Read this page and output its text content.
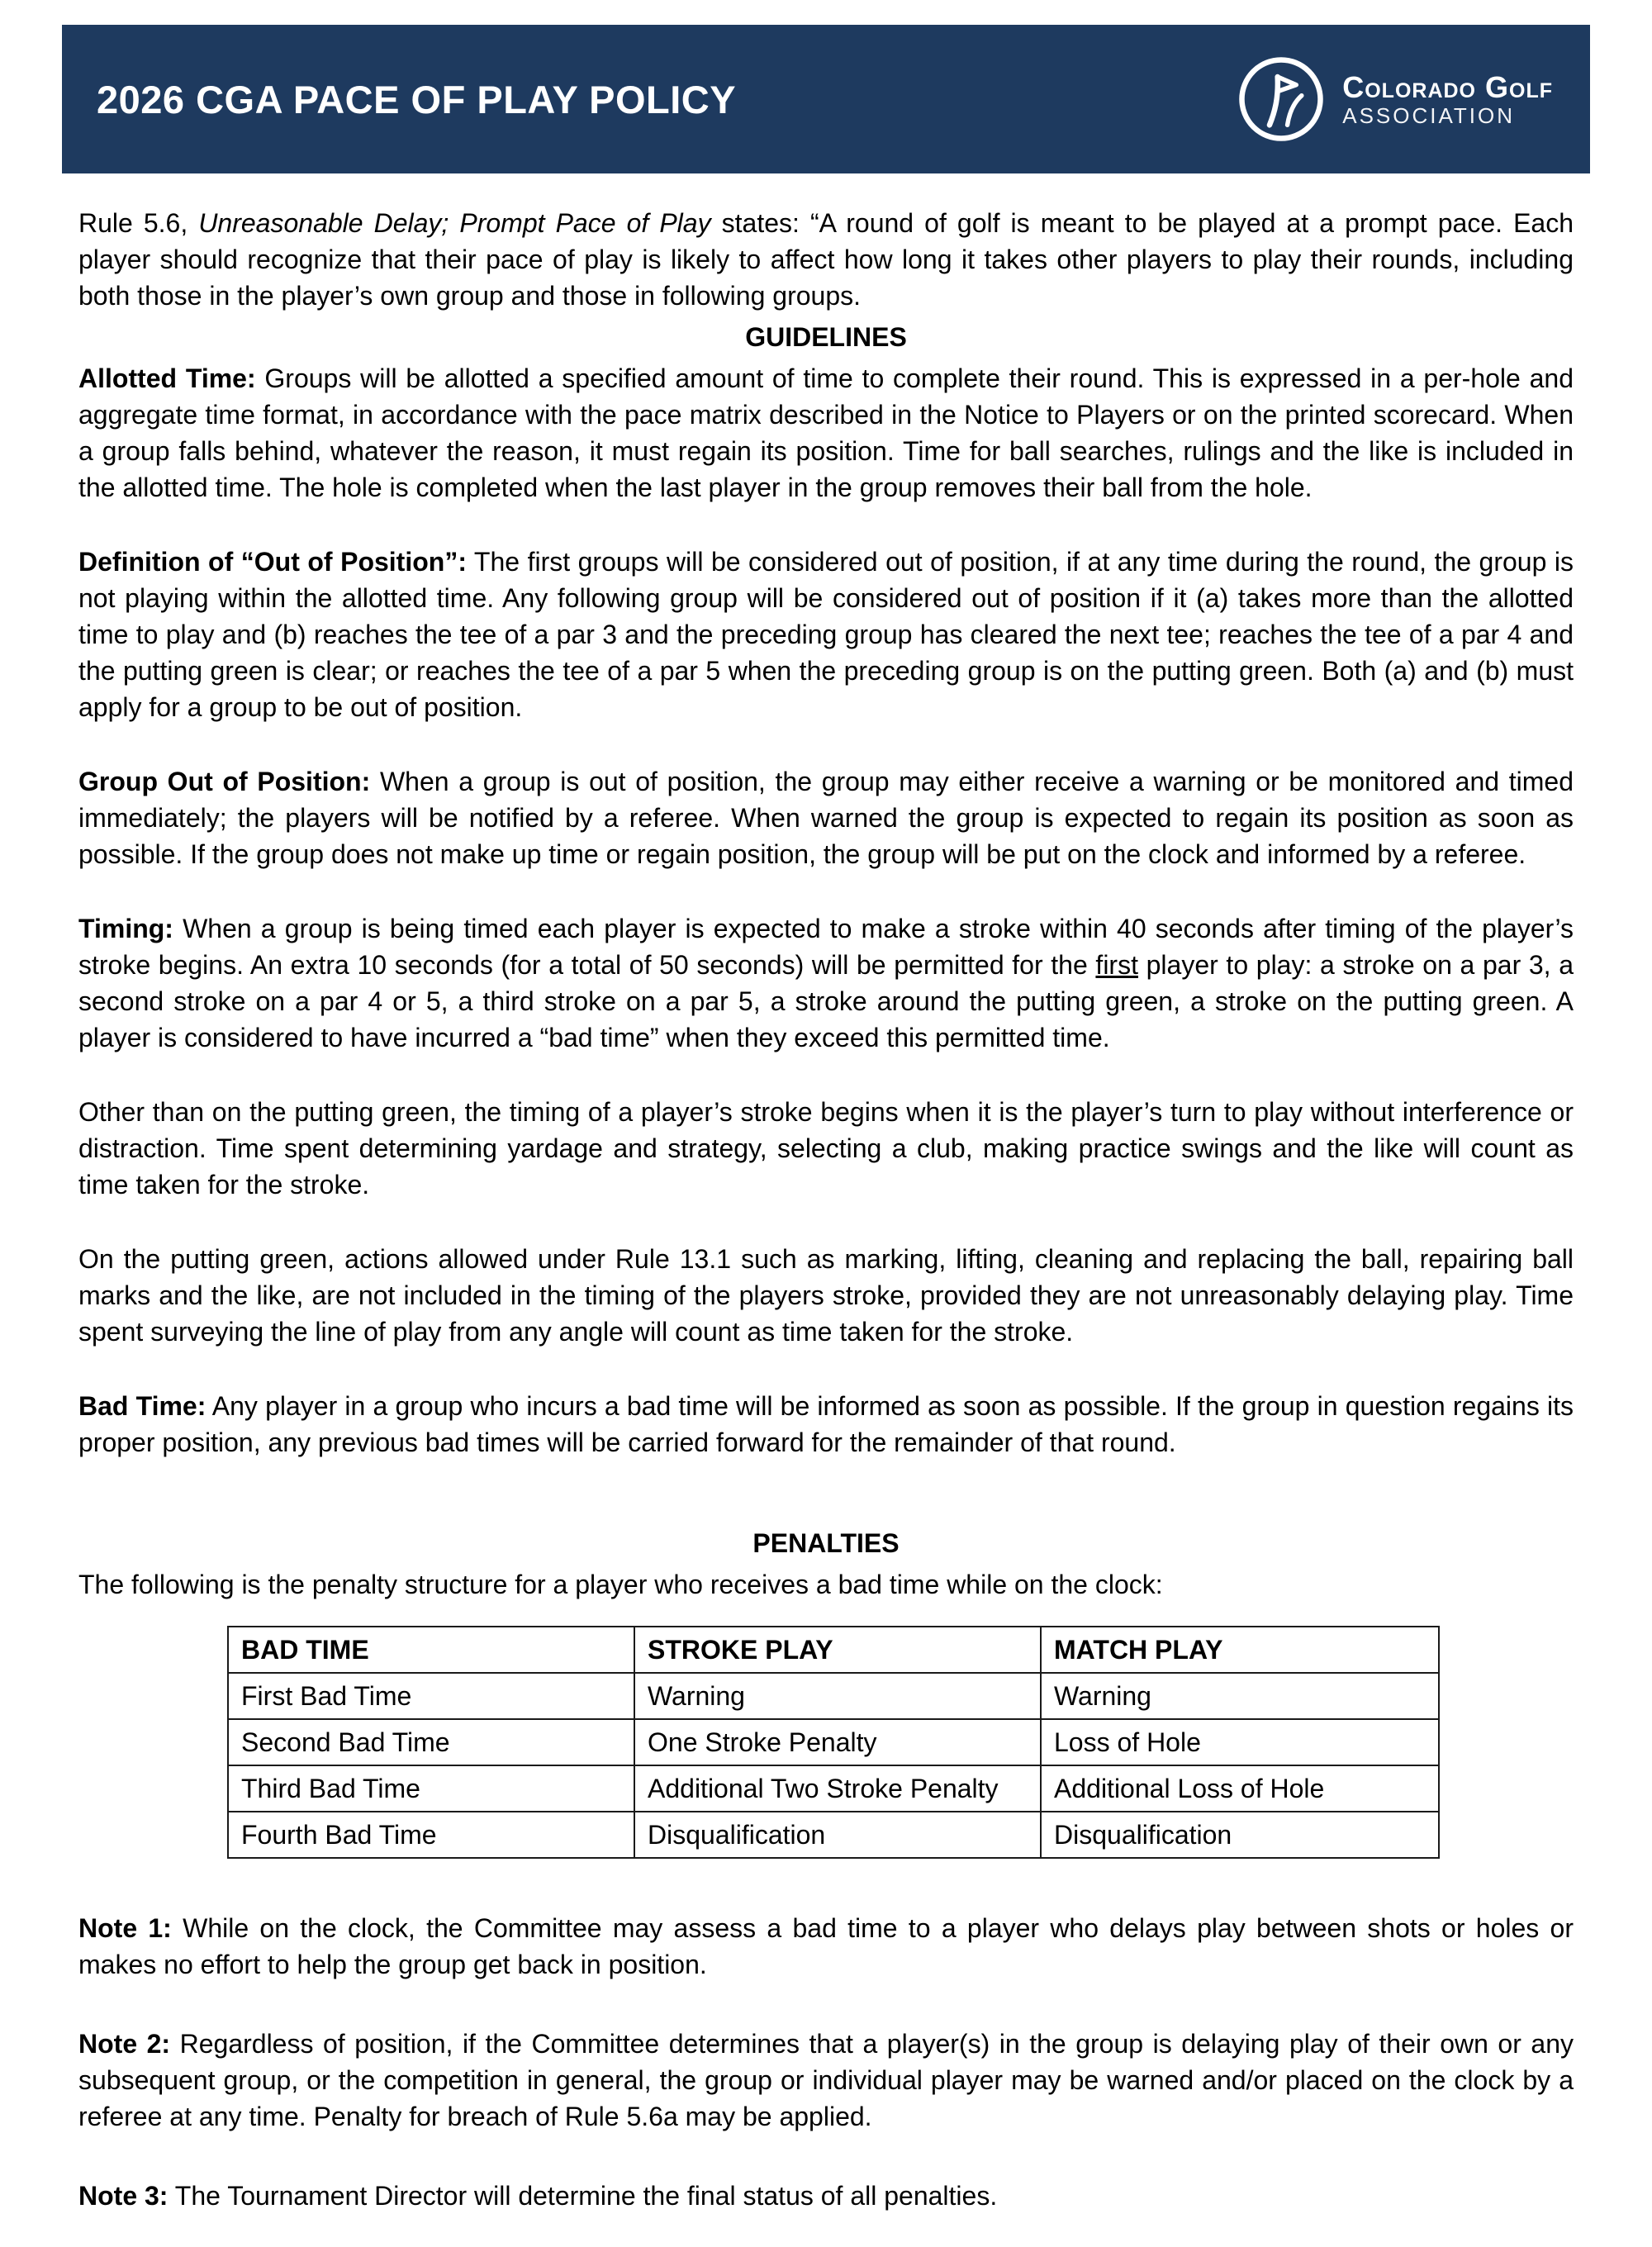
2026 CGA PACE OF PLAY POLICY	Colorado Golf
ASSOCIATION

Rule 5.6, Unreasonable Delay; Prompt Pace of Play states: “A round of golf is meant to be played at a prompt pace. Each player should recognize that their pace of play is likely to affect how long it takes other players to play their rounds, including both those in the player’s own group and those in following groups.

GUIDELINES

Allotted Time: Groups will be allotted a specified amount of time to complete their round. This is expressed in a per-hole and aggregate time format, in accordance with the pace matrix described in the Notice to Players or on the printed scorecard. When a group falls behind, whatever the reason, it must regain its position. Time for ball searches, rulings and the like is included in the allotted time. The hole is completed when the last player in the group removes their ball from the hole.

Definition of “Out of Position”: The first groups will be considered out of position, if at any time during the round, the group is not playing within the allotted time. Any following group will be considered out of position if it (a) takes more than the allotted time to play and (b) reaches the tee of a par 3 and the preceding group has cleared the next tee; reaches the tee of a par 4 and the putting green is clear; or reaches the tee of a par 5 when the preceding group is on the putting green. Both (a) and (b) must apply for a group to be out of position.

Group Out of Position: When a group is out of position, the group may either receive a warning or be monitored and timed immediately; the players will be notified by a referee. When warned the group is expected to regain its position as soon as possible. If the group does not make up time or regain position, the group will be put on the clock and informed by a referee.

Timing: When a group is being timed each player is expected to make a stroke within 40 seconds after timing of the player’s stroke begins. An extra 10 seconds (for a total of 50 seconds) will be permitted for the first player to play: a stroke on a par 3, a second stroke on a par 4 or 5, a third stroke on a par 5, a stroke around the putting green, a stroke on the putting green. A player is considered to have incurred a “bad time” when they exceed this permitted time.

Other than on the putting green, the timing of a player’s stroke begins when it is the player’s turn to play without interference or distraction. Time spent determining yardage and strategy, selecting a club, making practice swings and the like will count as time taken for the stroke.

On the putting green, actions allowed under Rule 13.1 such as marking, lifting, cleaning and replacing the ball, repairing ball marks and the like, are not included in the timing of the players stroke, provided they are not unreasonably delaying play. Time spent surveying the line of play from any angle will count as time taken for the stroke.

Bad Time: Any player in a group who incurs a bad time will be informed as soon as possible. If the group in question regains its proper position, any previous bad times will be carried forward for the remainder of that round.

PENALTIES

The following is the penalty structure for a player who receives a bad time while on the clock:

BAD TIME	STROKE PLAY	MATCH PLAY
First Bad Time	Warning	Warning
Second Bad Time	One Stroke Penalty	Loss of Hole
Third Bad Time	Additional Two Stroke Penalty	Additional Loss of Hole
Fourth Bad Time	Disqualification	Disqualification

Note 1: While on the clock, the Committee may assess a bad time to a player who delays play between shots or holes or makes no effort to help the group get back in position.

Note 2: Regardless of position, if the Committee determines that a player(s) in the group is delaying play of their own or any subsequent group, or the competition in general, the group or individual player may be warned and/or placed on the clock by a referee at any time. Penalty for breach of Rule 5.6a may be applied.

Note 3: The Tournament Director will determine the final status of all penalties.
